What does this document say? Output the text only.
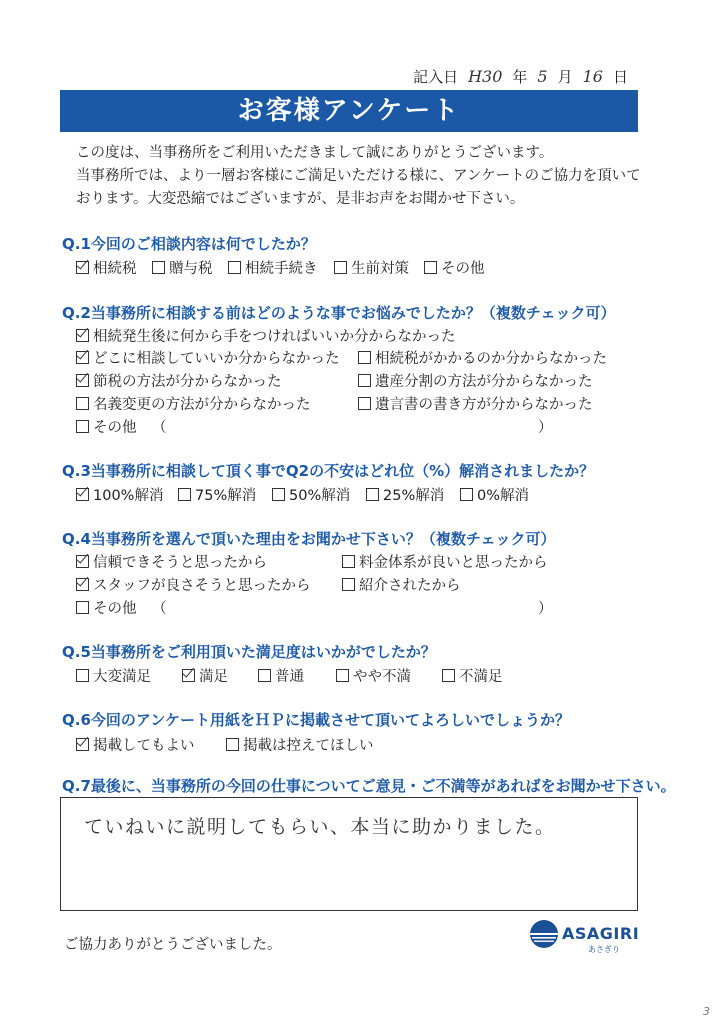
記入日 H30 年 5 月 16 日
お客様アンケート
この度は、当事務所をご利用いただきまして誠にありがとうございます。
当事務所では、より一層お客様にご満足いただける様に、アンケートのご協力を頂いて
おります。大変恐縮ではございますが、是非お声をお聞かせ下さい。
Q.1今回のご相談内容は何でしたか？
相続税	贈与税	相続手続き	生前対策	その他
Q.2当事務所に相談する前はどのような事でお悩みでしたか？（複数チェック可）
相続発生後に何から手をつければいいか分からなかった
どこに相談していいか分からなかった	相続税がかかるのか分からなかった
節税の方法が分からなかった	遺産分割の方法が分からなかった
名義変更の方法が分からなかった	遺言書の書き方が分からなかった
その他 （	）
Q.3当事務所に相談して頂く事でQ2の不安はどれ位（%）解消されましたか？
100%解消	75%解消	50%解消	25%解消	0%解消
Q.4当事務所を選んで頂いた理由をお聞かせ下さい？（複数チェック可）
信頼できそうと思ったから	料金体系が良いと思ったから
スタッフが良さそうと思ったから	紹介されたから
その他 （	）
Q.5当事務所をご利用頂いた満足度はいかがでしたか？
大変満足	満足	普通	やや不満	不満足
Q.6今回のアンケート用紙をＨＰに掲載させて頂いてよろしいでしょうか？
掲載してもよい	掲載は控えてほしい
Q.7最後に、当事務所の今回の仕事についてご意見・ご不満等があればをお聞かせ下さい。
ていねいに説明してもらい、本当に助かりました。
ご協力ありがとうございました。
ASAGIRI
あさぎり
3
